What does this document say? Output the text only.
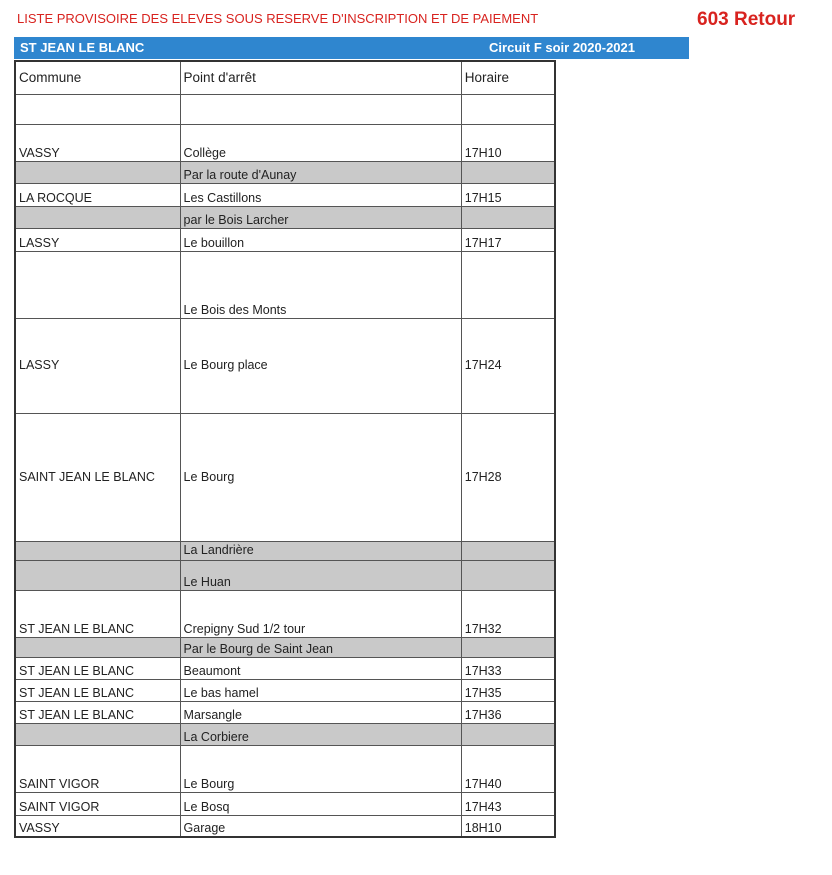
LISTE PROVISOIRE DES ELEVES SOUS RESERVE D'INSCRIPTION ET DE PAIEMENT	603 Retour
ST JEAN LE BLANC	Circuit F soir 2020-2021
Commune	Point d'arrêt	Horaire

VASSY	Collège	17H10
	Par la route d'Aunay	
LA ROCQUE	Les Castillons	17H15
	par le Bois Larcher	
LASSY	Le bouillon	17H17
	Le Bois des Monts	
LASSY	Le Bourg place	17H24
SAINT JEAN LE BLANC	Le Bourg	17H28
	La Landrière	
	Le Huan	
ST JEAN LE BLANC	Crepigny Sud 1/2 tour	17H32
	Par le Bourg de Saint Jean	
ST JEAN LE BLANC	Beaumont	17H33
ST JEAN LE BLANC	Le bas hamel	17H35
ST JEAN LE BLANC	Marsangle	17H36
	La Corbiere	
SAINT VIGOR	Le Bourg	17H40
SAINT VIGOR	Le Bosq	17H43
VASSY	Garage	18H10
